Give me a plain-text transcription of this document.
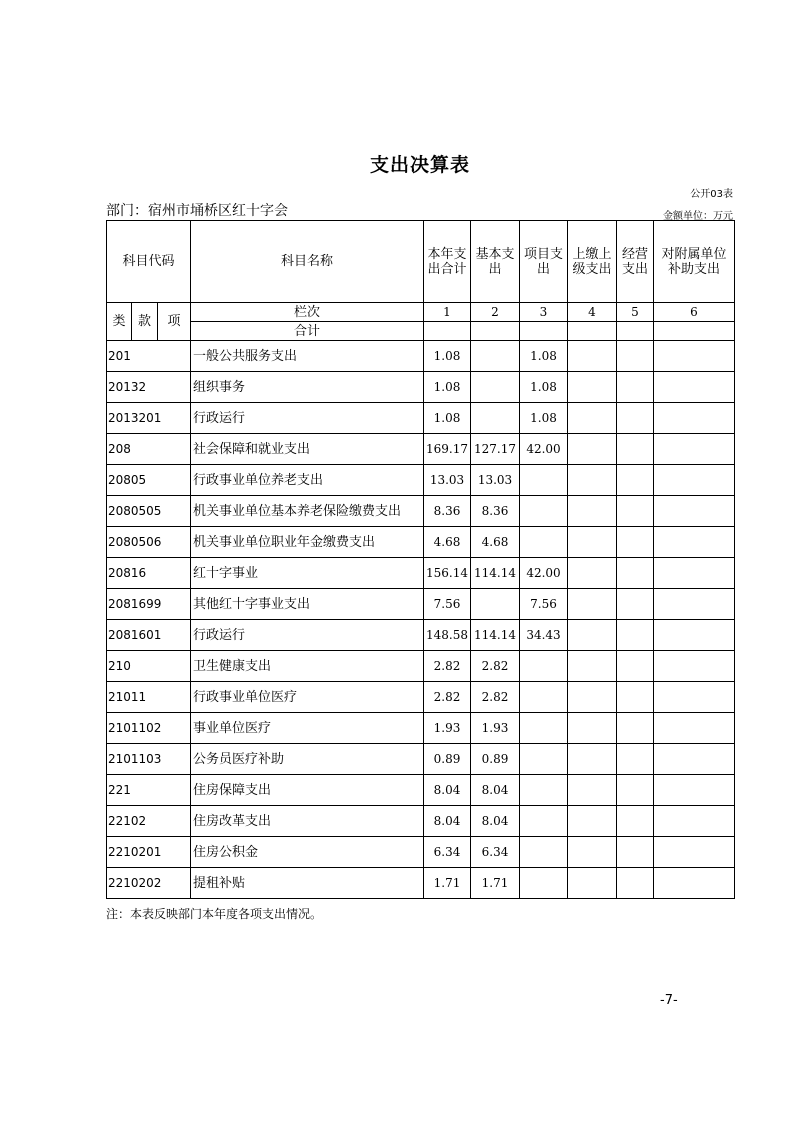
支出决算表
公开03表
部门：宿州市埇桥区红十字会	金额单位：万元
科目代码			科目名称	本年支出合计	基本支出	项目支出	上缴上级支出	经营支出	对附属单位补助支出
类	款	项	栏次	1	2	3	4	5	6
			合计						
201			一般公共服务支出	1.08		1.08			
20132			组织事务	1.08		1.08			
2013201			行政运行	1.08		1.08			
208			社会保障和就业支出	169.17	127.17	42.00			
20805			行政事业单位养老支出	13.03	13.03				
2080505			机关事业单位基本养老保险缴费支出	8.36	8.36				
2080506			机关事业单位职业年金缴费支出	4.68	4.68				
20816			红十字事业	156.14	114.14	42.00			
2081699			其他红十字事业支出	7.56		7.56			
2081601			行政运行	148.58	114.14	34.43			
210			卫生健康支出	2.82	2.82				
21011			行政事业单位医疗	2.82	2.82				
2101102			事业单位医疗	1.93	1.93				
2101103			公务员医疗补助	0.89	0.89				
221			住房保障支出	8.04	8.04				
22102			住房改革支出	8.04	8.04				
2210201			住房公积金	6.34	6.34				
2210202			提租补贴	1.71	1.71				
注：本表反映部门本年度各项支出情况。
-7-
